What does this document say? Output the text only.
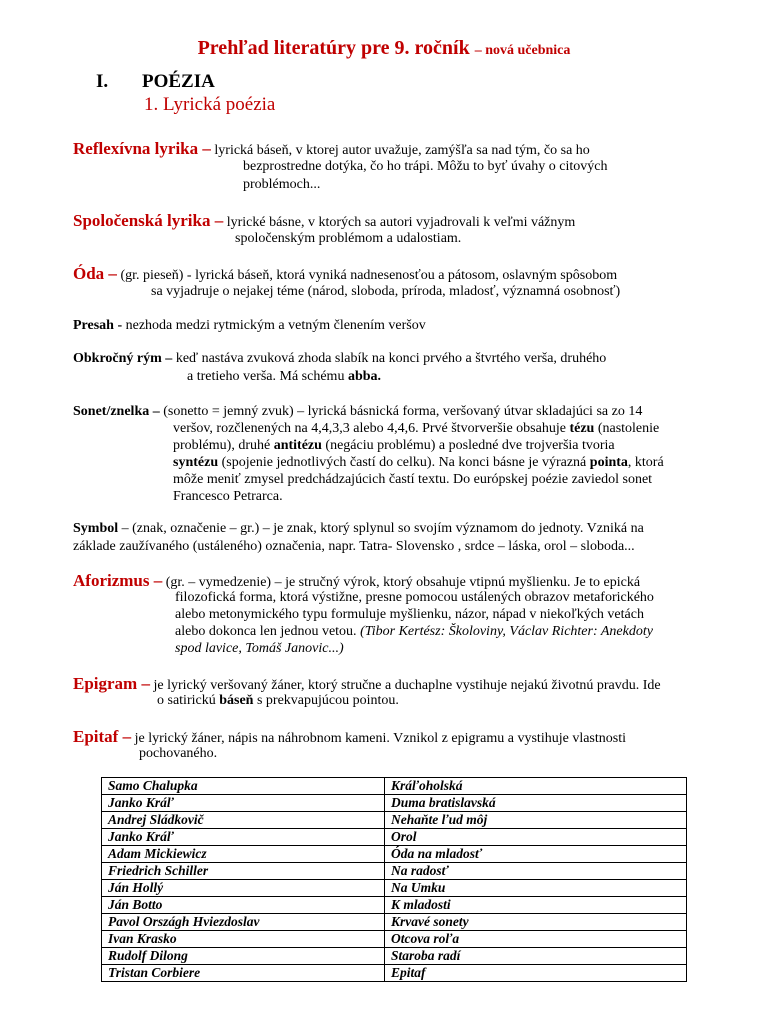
Prehľad literatúry pre 9. ročník – nová učebnica
I. POÉZIA
1. Lyrická poézia
Reflexívna lyrika – lyrická báseň, v ktorej autor uvažuje, zamýšľa sa nad tým, čo sa ho
bezprostredne dotýka, čo ho trápi. Môžu to byť úvahy o citových
problémoch...
Spoločenská lyrika – lyrické básne, v ktorých sa autori vyjadrovali k veľmi vážnym
spoločenským problémom a udalostiam.
Óda – (gr. pieseň) - lyrická báseň, ktorá vyniká nadnesenosťou a pátosom, oslavným spôsobom
sa vyjadruje o nejakej téme (národ, sloboda, príroda, mladosť, významná osobnosť)
Presah - nezhoda medzi rytmickým a vetným členením veršov
Obkročný rým – keď nastáva zvuková zhoda slabík na konci prvého a štvrtého verša, druhého
a tretieho verša. Má schému abba.
Sonet/znelka – (sonetto = jemný zvuk) – lyrická básnická forma, veršovaný útvar skladajúci sa zo 14
veršov, rozčlenených na 4,4,3,3 alebo 4,4,6. Prvé štvorveršie obsahuje tézu (nastolenie
problému), druhé antitézu (negáciu problému) a posledné dve trojveršia tvoria
syntézu (spojenie jednotlivých častí do celku). Na konci básne je výrazná pointa, ktorá
môže meniť zmysel predchádzajúcich častí textu. Do európskej poézie zaviedol sonet
Francesco Petrarca.
Symbol – (znak, označenie – gr.) – je znak, ktorý splynul so svojím významom do jednoty. Vzniká na
základe zaužívaného (ustáleného) označenia, napr. Tatra- Slovensko , srdce – láska, orol – sloboda...
Aforizmus – (gr. – vymedzenie) – je stručný výrok, ktorý obsahuje vtipnú myšlienku. Je to epická
filozofická forma, ktorá výstižne, presne pomocou ustálených obrazov metaforického
alebo metonymického typu formuluje myšlienku, názor, nápad v niekoľkých vetách
alebo dokonca len jednou vetou. (Tibor Kertész: Školoviny, Václav Richter: Anekdoty
spod lavice, Tomáš Janovic...)
Epigram – je lyrický veršovaný žáner, ktorý stručne a duchaplne vystihuje nejakú životnú pravdu. Ide
o satirickú báseň s prekvapujúcou pointou.
Epitaf – je lyrický žáner, nápis na náhrobnom kameni. Vznikol z epigramu a vystihuje vlastnosti
pochovaného.
Samo Chalupka	Kráľoholská
Janko Kráľ	Duma bratislavská
Andrej Sládkovič	Nehaňte ľud môj
Janko Kráľ	Orol
Adam Mickiewicz	Óda na mladosť
Friedrich Schiller	Na radosť
Ján Hollý	Na Umku
Ján Botto	K mladosti
Pavol Országh Hviezdoslav	Krvavé sonety
Ivan Krasko	Otcova roľa
Rudolf Dilong	Staroba radí
Tristan Corbiere	Epitaf
